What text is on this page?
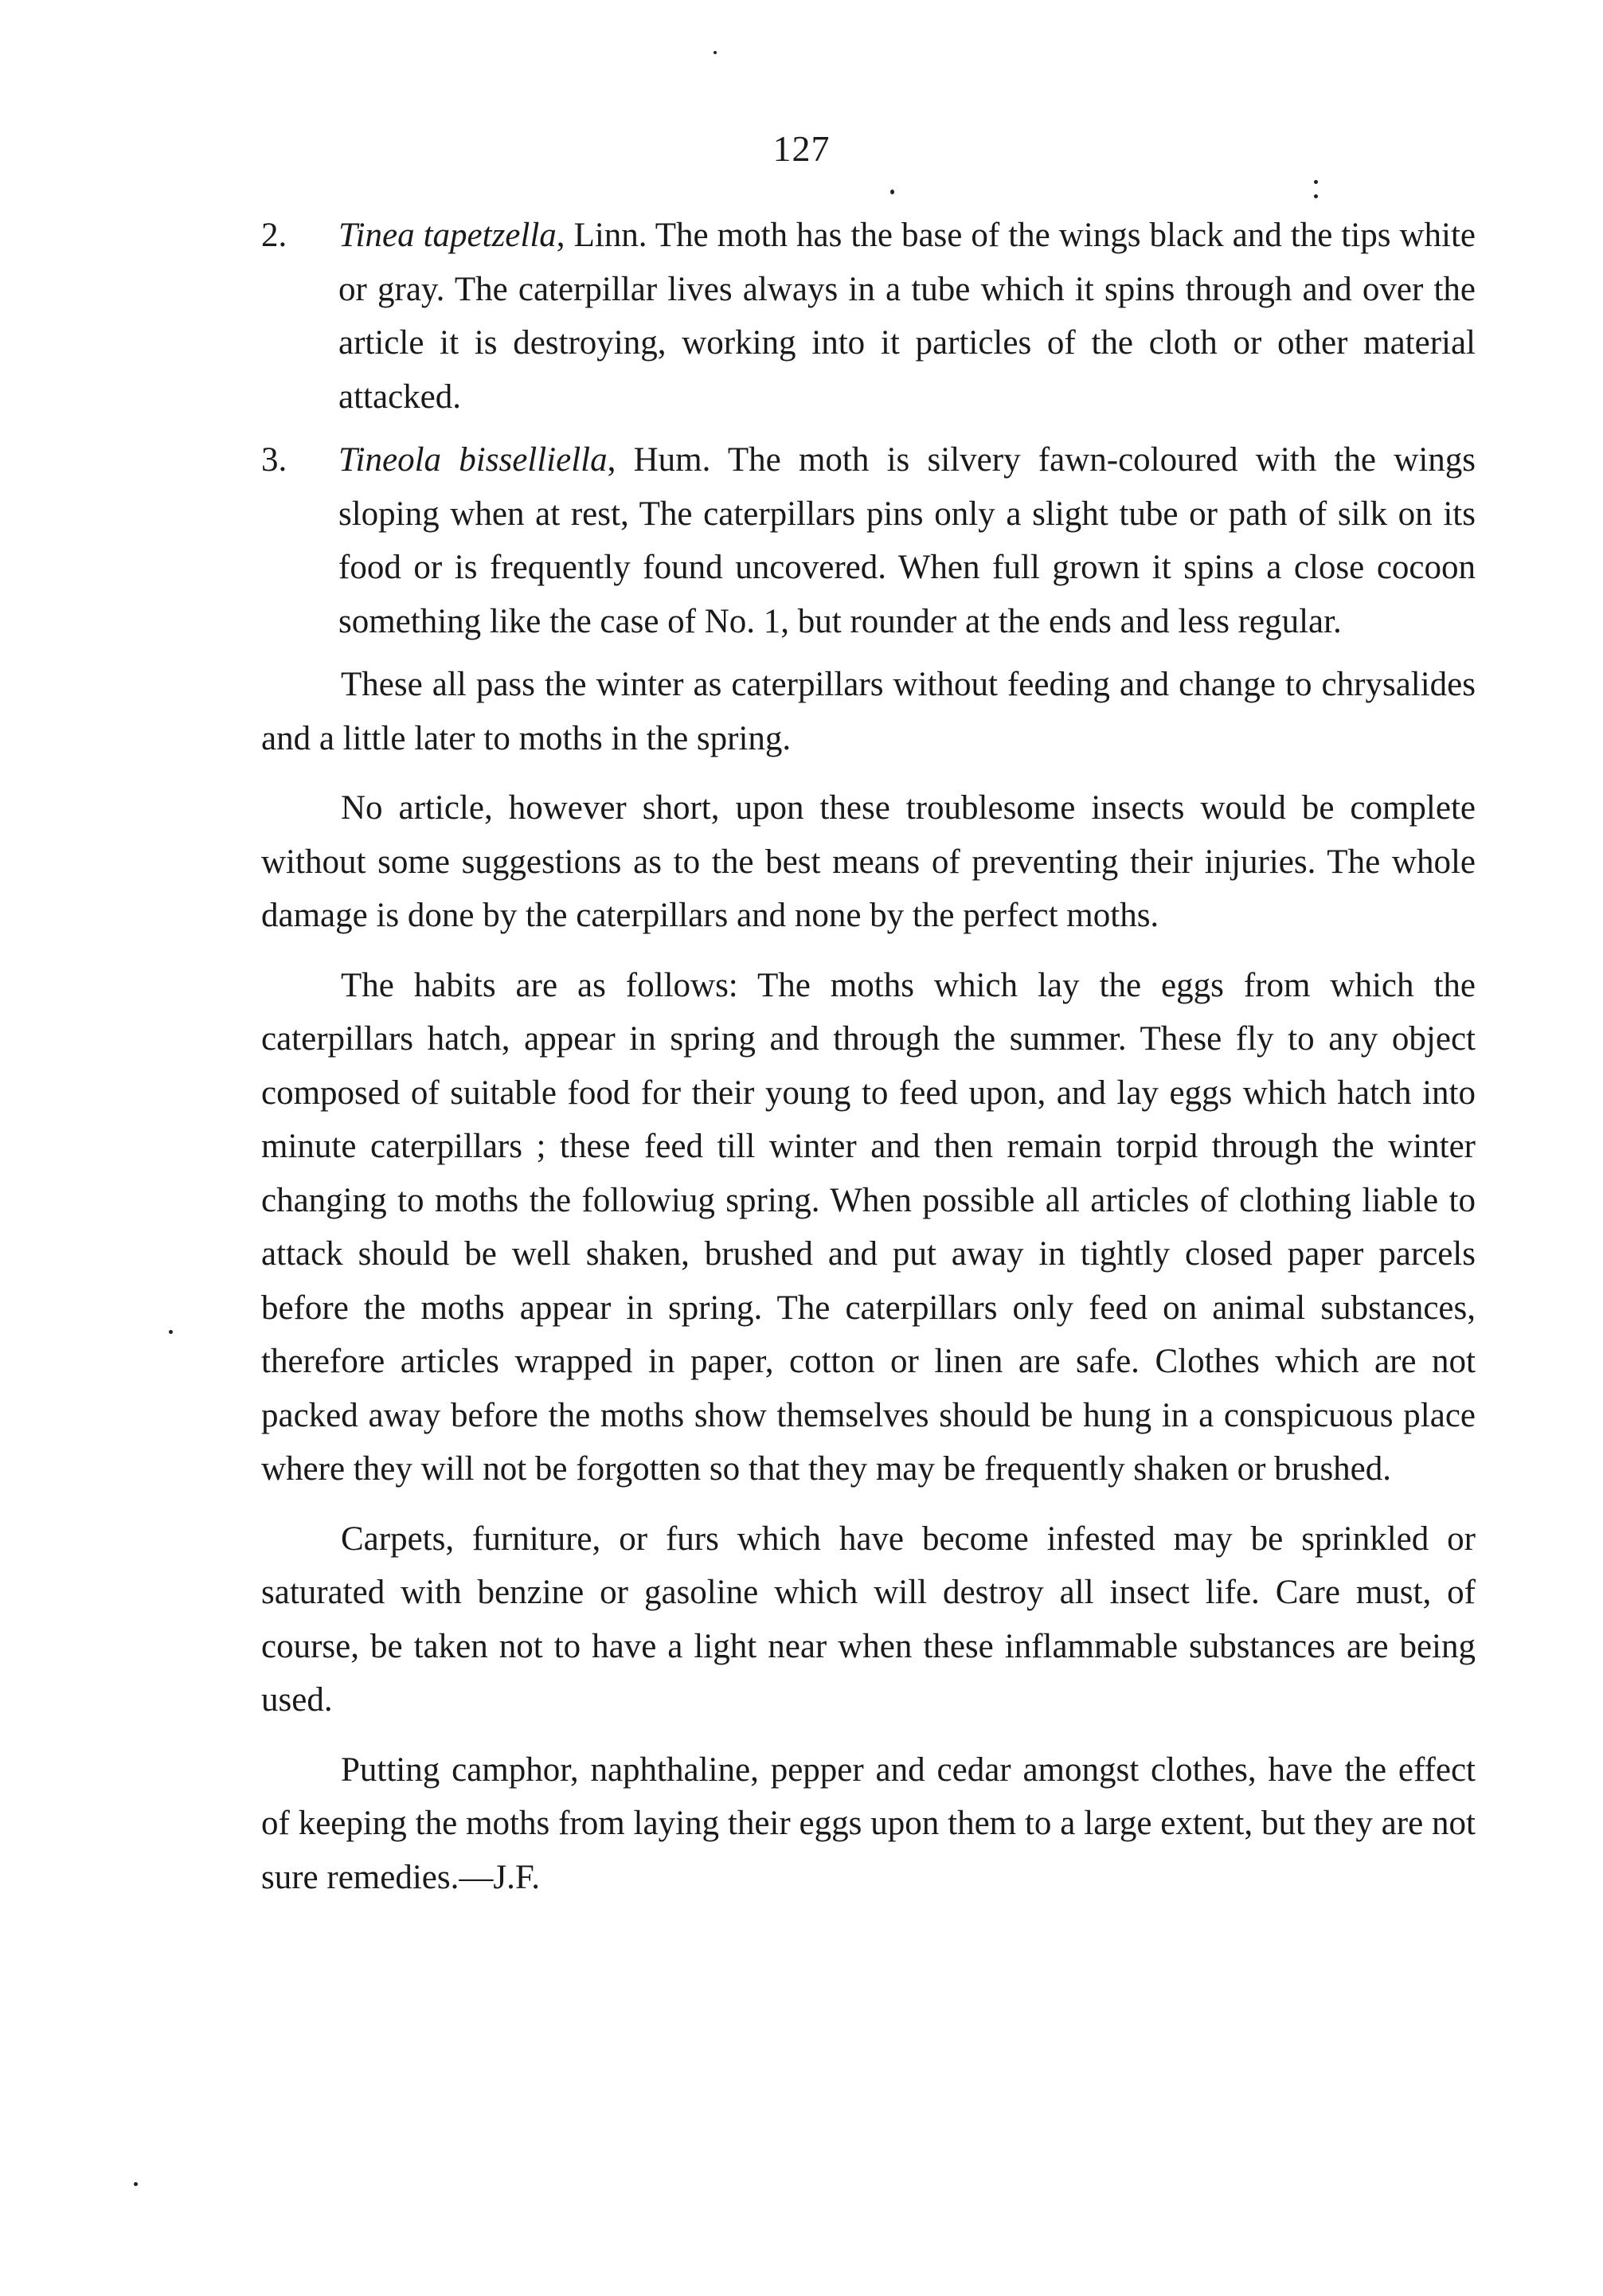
127
2. Tinea tapetzella, Linn. The moth has the base of the wings black and the tips white or gray. The caterpillar lives always in a tube which it spins through and over the article it is destroying, working into it particles of the cloth or other material attacked.
3. Tineola bisselliella, Hum. The moth is silvery fawn-coloured with the wings sloping when at rest, The caterpillars pins only a slight tube or path of silk on its food or is frequently found uncovered. When full grown it spins a close cocoon something like the case of No. 1, but rounder at the ends and less regular.

These all pass the winter as caterpillars without feeding and change to chrysalides and a little later to moths in the spring.

No article, however short, upon these troublesome insects would be complete without some suggestions as to the best means of preventing their injuries. The whole damage is done by the caterpillars and none by the perfect moths.

The habits are as follows: The moths which lay the eggs from which the caterpillars hatch, appear in spring and through the summer. These fly to any object composed of suitable food for their young to feed upon, and lay eggs which hatch into minute caterpillars ; these feed till winter and then remain torpid through the winter changing to moths the followiug spring. When possible all articles of clothing liable to attack should be well shaken, brushed and put away in tightly closed paper parcels before the moths appear in spring. The caterpillars only feed on animal substances, therefore articles wrapped in paper, cotton or linen are safe. Clothes which are not packed away before the moths show themselves should be hung in a conspicuous place where they will not be forgotten so that they may be frequently shaken or brushed.

Carpets, furniture, or furs which have become infested may be sprinkled or saturated with benzine or gasoline which will destroy all insect life. Care must, of course, be taken not to have a light near when these inflammable substances are being used.

Putting camphor, naphthaline, pepper and cedar amongst clothes, have the effect of keeping the moths from laying their eggs upon them to a large extent, but they are not sure remedies.—J.F.
